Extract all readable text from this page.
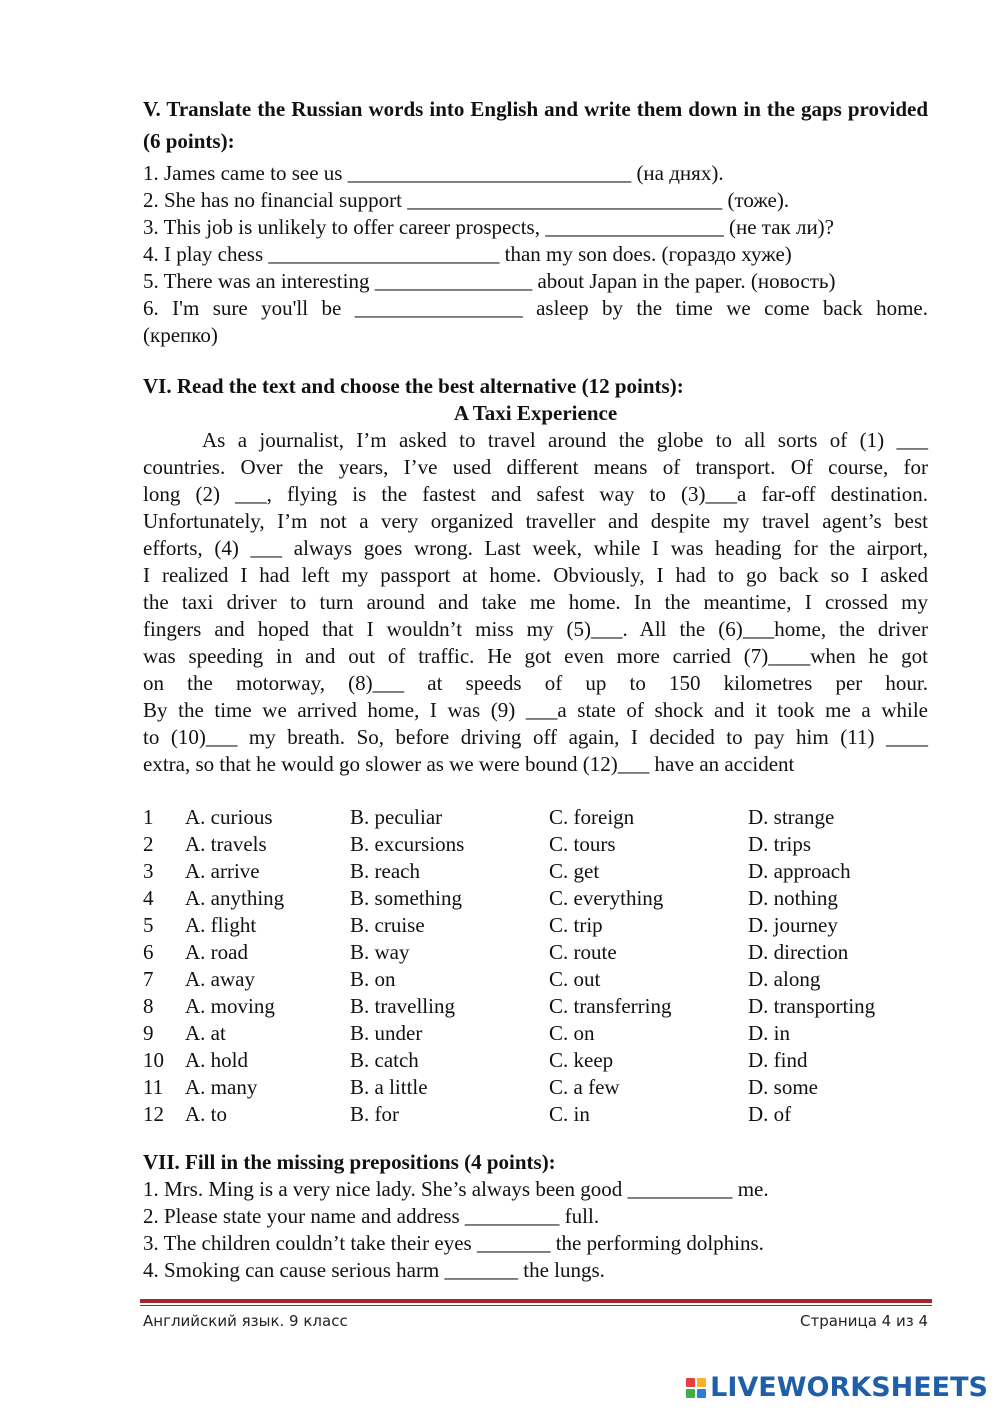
V. Translate the Russian words into English and write them down in the gaps provided (6 points):
1. James came to see us ___________________________ (на днях).
2. She has no financial support ______________________________ (тоже).
3. This job is unlikely to offer career prospects, _________________ (не так ли)?
4. I play chess ______________________ than my son does. (гораздо хуже)
5. There was an interesting _______________ about Japan in the paper. (новость)
6. I'm sure you'll be ________________ asleep by the time we come back home.
(крепко)
VI. Read the text and choose the best alternative (12 points):
A Taxi Experience
As a journalist, I’m asked to travel around the globe to all sorts of (1) ___
countries. Over the years, I’ve used different means of transport. Of course, for
long (2) ___, flying is the fastest and safest way to (3)___a far-off destination.
Unfortunately, I’m not a very organized traveller and despite my travel agent’s best
efforts, (4) ___ always goes wrong. Last week, while I was heading for the airport,
I realized I had left my passport at home. Obviously, I had to go back so I asked
the taxi driver to turn around and take me home. In the meantime, I crossed my
fingers and hoped that I wouldn’t miss my (5)___. All the (6)___home, the driver
was speeding in and out of traffic. He got even more carried (7)____when he got
on the motorway, (8)___ at speeds of up to 150 kilometres per hour.
By the time we arrived home, I was (9) ___a state of shock and it took me a while
to (10)___ my breath. So, before driving off again, I decided to pay him (11) ____
extra, so that he would go slower as we were bound (12)___ have an accident
1	A. curious	B. peculiar	C. foreign	D. strange
2	A. travels	B. excursions	C. tours	D. trips
3	A. arrive	B. reach	C. get	D. approach
4	A. anything	B. something	C. everything	D. nothing
5	A. flight	B. cruise	C. trip	D. journey
6	A. road	B. way	C. route	D. direction
7	A. away	B. on	C. out	D. along
8	A. moving	B. travelling	C. transferring	D. transporting
9	A. at	B. under	C. on	D. in
10	A. hold	B. catch	C. keep	D. find
11	A. many	B. a little	C. a few	D. some
12	A. to	B. for	C. in	D. of
VII. Fill in the missing prepositions (4 points):
1. Mrs. Ming is a very nice lady. She’s always been good __________ me.
2. Please state your name and address _________ full.
3. The children couldn’t take their eyes _______ the performing dolphins.
4. Smoking can cause serious harm _______ the lungs.
Английский язык. 9 класс	Страница 4 из 4
LIVEWORKSHEETS
